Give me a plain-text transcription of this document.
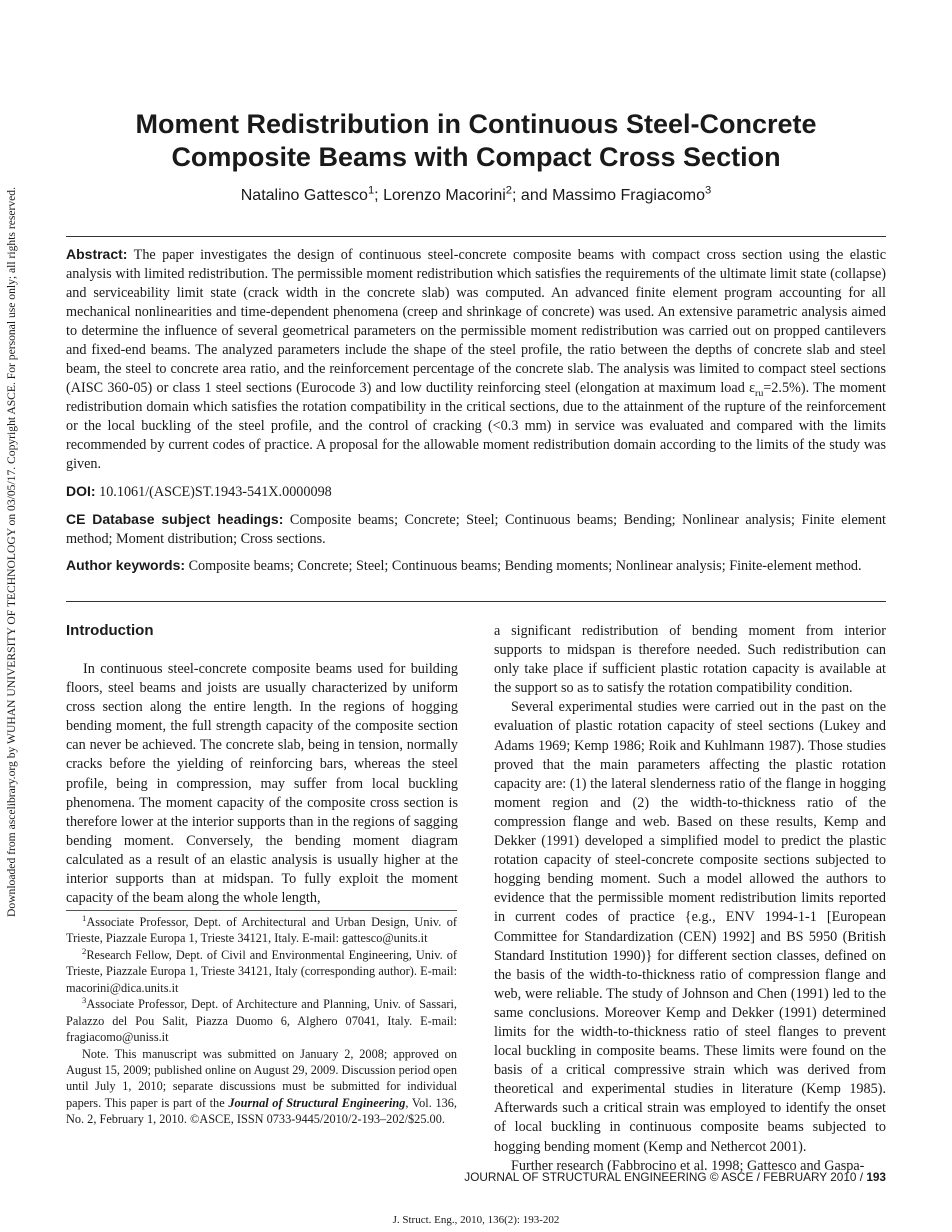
Downloaded from ascelibrary.org by WUHAN UNIVERSITY OF TECHNOLOGY on 03/05/17. Copyright ASCE. For personal use only; all rights reserved.
Moment Redistribution in Continuous Steel-Concrete
Composite Beams with Compact Cross Section
Natalino Gattesco$^1$; Lorenzo Macorini$^2$; and Massimo Fragiacomo$^3$
Abstract: The paper investigates the design of continuous steel-concrete composite beams with compact cross section using the elastic analysis with limited redistribution. The permissible moment redistribution which satisfies the requirements of the ultimate limit state (collapse) and serviceability limit state (crack width in the concrete slab) was computed. An advanced finite element program accounting for all mechanical nonlinearities and time-dependent phenomena (creep and shrinkage of concrete) was used. An extensive parametric analysis aimed to determine the influence of several geometrical parameters on the permissible moment redistribution was carried out on propped cantilevers and fixed-end beams. The analyzed parameters include the shape of the steel profile, the ratio between the depths of concrete slab and steel beam, the steel to concrete area ratio, and the reinforcement percentage of the concrete slab. The analysis was limited to compact steel sections (AISC 360-05) or class 1 steel sections (Eurocode 3) and low ductility reinforcing steel (elongation at maximum load $\varepsilon_{ru}=2.5\%$). The moment redistribution domain which satisfies the rotation compatibility in the critical sections, due to the attainment of the rupture of the reinforcement or the local buckling of the steel profile, and the control of cracking (<0.3 mm) in service was evaluated and compared with the limits recommended by current codes of practice. A proposal for the allowable moment redistribution domain according to the limits of the study was given.
DOI: 10.1061/(ASCE)ST.1943-541X.0000098
CE Database subject headings: Composite beams; Concrete; Steel; Continuous beams; Bending; Nonlinear analysis; Finite element method; Moment distribution; Cross sections.
Author keywords: Composite beams; Concrete; Steel; Continuous beams; Bending moments; Nonlinear analysis; Finite-element method.
Introduction

In continuous steel-concrete composite beams used for building floors, steel beams and joists are usually characterized by uniform cross section along the entire length. In the regions of hogging bending moment, the full strength capacity of the composite section can never be achieved. The concrete slab, being in tension, normally cracks before the yielding of reinforcing bars, whereas the steel profile, being in compression, may suffer from local buckling phenomena. The moment capacity of the composite cross section is therefore lower at the interior supports than in the regions of sagging bending moment. Conversely, the bending moment diagram calculated as a result of an elastic analysis is usually higher at the interior supports than at midspan. To fully exploit the moment capacity of the beam along the whole length,

$^1$Associate Professor, Dept. of Architectural and Urban Design, Univ. of Trieste, Piazzale Europa 1, Trieste 34121, Italy. E-mail: gattesco@units.it

$^2$Research Fellow, Dept. of Civil and Environmental Engineering, Univ. of Trieste, Piazzale Europa 1, Trieste 34121, Italy (corresponding author). E-mail: macorini@dica.units.it

$^3$Associate Professor, Dept. of Architecture and Planning, Univ. of Sassari, Palazzo del Pou Salit, Piazza Duomo 6, Alghero 07041, Italy. E-mail: fragiacomo@uniss.it

Note. This manuscript was submitted on January 2, 2008; approved on August 15, 2009; published online on August 29, 2009. Discussion period open until July 1, 2010; separate discussions must be submitted for individual papers. This paper is part of the Journal of Structural Engineering, Vol. 136, No. 2, February 1, 2010. ©ASCE, ISSN 0733-9445/2010/2-193–202/$25.00.

a significant redistribution of bending moment from interior supports to midspan is therefore needed. Such redistribution can only take place if sufficient plastic rotation capacity is available at the support so as to satisfy the rotation compatibility condition.

Several experimental studies were carried out in the past on the evaluation of plastic rotation capacity of steel sections (Lukey and Adams 1969; Kemp 1986; Roik and Kuhlmann 1987). Those studies proved that the main parameters affecting the plastic rotation capacity are: (1) the lateral slenderness ratio of the flange in hogging moment region and (2) the width-to-thickness ratio of the compression flange and web. Based on these results, Kemp and Dekker (1991) developed a simplified model to predict the plastic rotation capacity of steel-concrete composite sections subjected to hogging bending moment. Such a model allowed the authors to evidence that the permissible moment redistribution limits reported in current codes of practice {e.g., ENV 1994-1-1 [European Committee for Standardization (CEN) 1992] and BS 5950 (British Standard Institution 1990)} for different section classes, defined on the basis of the width-to-thickness ratio of compression flange and web, were reliable. The study of Johnson and Chen (1991) led to the same conclusions. Moreover Kemp and Dekker (1991) determined limits for the width-to-thickness ratio of steel flanges to prevent local buckling in composite beams. These limits were found on the basis of a critical compressive strain which was derived from theoretical and experimental studies in literature (Kemp 1985). Afterwards such a critical strain was employed to identify the onset of local buckling in continuous composite beams subjected to hogging bending moment (Kemp and Nethercot 2001).

Further research (Fabbrocino et al. 1998; Gattesco and Gaspa-

JOURNAL OF STRUCTURAL ENGINEERING © ASCE / FEBRUARY 2010 / 193
J. Struct. Eng., 2010, 136(2): 193-202
